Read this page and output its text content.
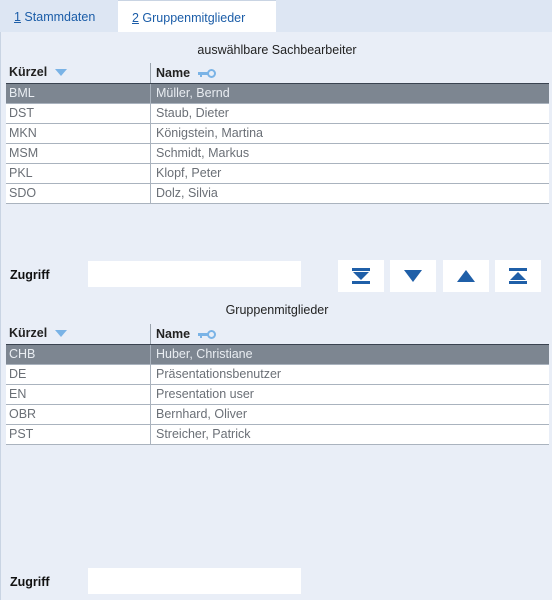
1 Stammdaten	2 Gruppenmitglieder
auswählbare Sachbearbeiter
Kürzel	Name
BML	Müller, Bernd
DST	Staub, Dieter
MKN	Königstein, Martina
MSM	Schmidt, Markus
PKL	Klopf, Peter
SDO	Dolz, Silvia
Zugriff
Gruppenmitglieder
Kürzel	Name
CHB	Huber, Christiane
DE	Präsentationsbenutzer
EN	Presentation user
OBR	Bernhard, Oliver
PST	Streicher, Patrick
Zugriff
